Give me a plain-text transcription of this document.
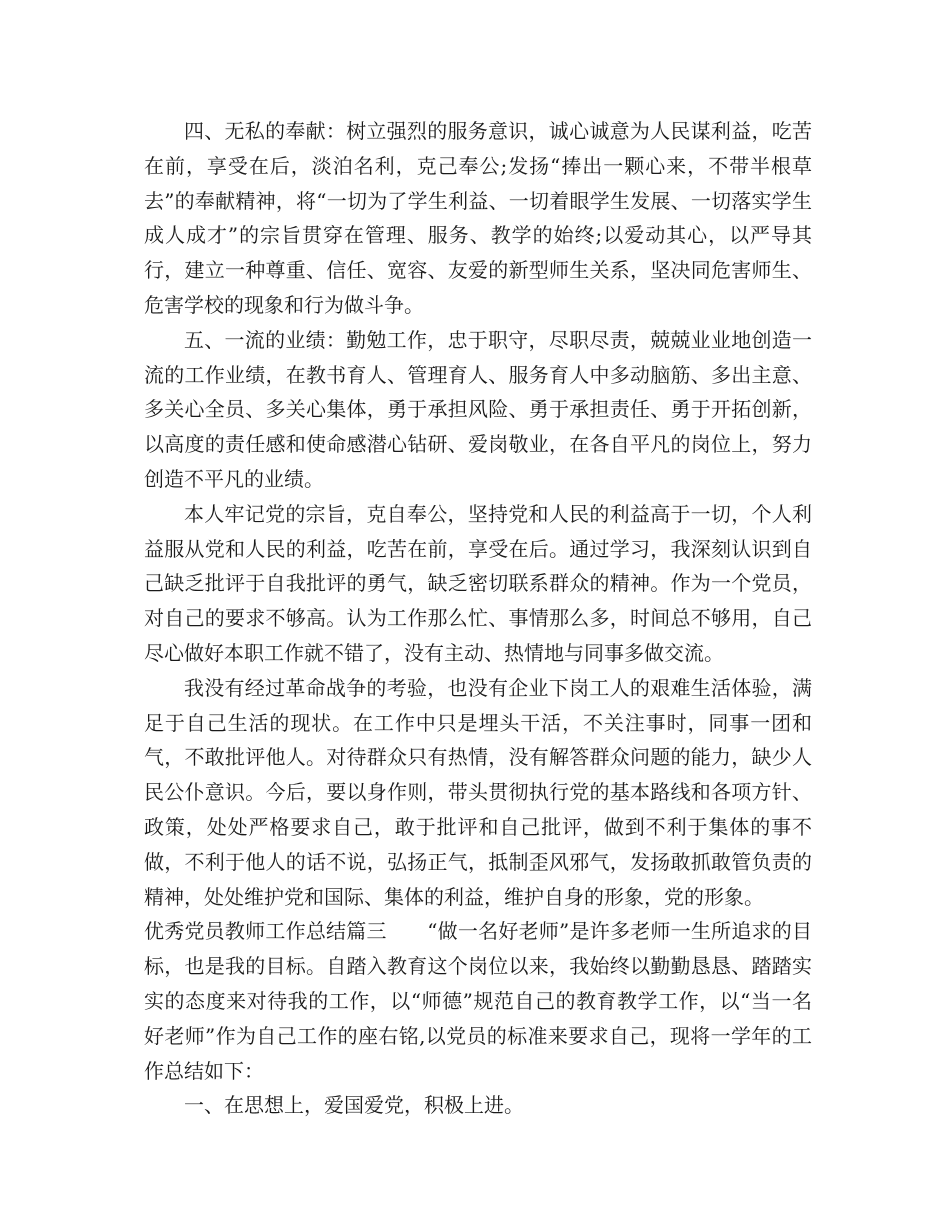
四、无私的奉献：树立强烈的服务意识，诚心诚意为人民谋利益，吃苦在前，享受在后，淡泊名利，克己奉公;发扬“捧出一颗心来，不带半根草去”的奉献精神，将“一切为了学生利益、一切着眼学生发展、一切落实学生成人成才”的宗旨贯穿在管理、服务、教学的始终;以爱动其心，以严导其行，建立一种尊重、信任、宽容、友爱的新型师生关系，坚决同危害师生、危害学校的现象和行为做斗争。

五、一流的业绩：勤勉工作，忠于职守，尽职尽责，兢兢业业地创造一流的工作业绩，在教书育人、管理育人、服务育人中多动脑筋、多出主意、多关心全员、多关心集体，勇于承担风险、勇于承担责任、勇于开拓创新，以高度的责任感和使命感潜心钻研、爱岗敬业，在各自平凡的岗位上，努力创造不平凡的业绩。

本人牢记党的宗旨，克自奉公，坚持党和人民的利益高于一切，个人利益服从党和人民的利益，吃苦在前，享受在后。通过学习，我深刻认识到自己缺乏批评于自我批评的勇气，缺乏密切联系群众的精神。作为一个党员，对自己的要求不够高。认为工作那么忙、事情那么多，时间总不够用，自己尽心做好本职工作就不错了，没有主动、热情地与同事多做交流。

我没有经过革命战争的考验，也没有企业下岗工人的艰难生活体验，满足于自己生活的现状。在工作中只是埋头干活，不关注事时，同事一团和气，不敢批评他人。对待群众只有热情，没有解答群众问题的能力，缺少人民公仆意识。今后，要以身作则，带头贯彻执行党的基本路线和各项方针、政策，处处严格要求自己，敢于批评和自己批评，做到不利于集体的事不做，不利于他人的话不说，弘扬正气，抵制歪风邪气，发扬敢抓敢管负责的精神，处处维护党和国际、集体的利益，维护自身的形象，党的形象。

优秀党员教师工作总结篇三　　 “做一名好老师”是许多老师一生所追求的目标，也是我的目标。自踏入教育这个岗位以来，我始终以勤勤恳恳、踏踏实实的态度来对待我的工作，以“师德”规范自己的教育教学工作，以“当一名好老师”作为自己工作的座右铭,以党员的标准来要求自己，现将一学年的工作总结如下：

一、在思想上，爱国爱党，积极上进。
